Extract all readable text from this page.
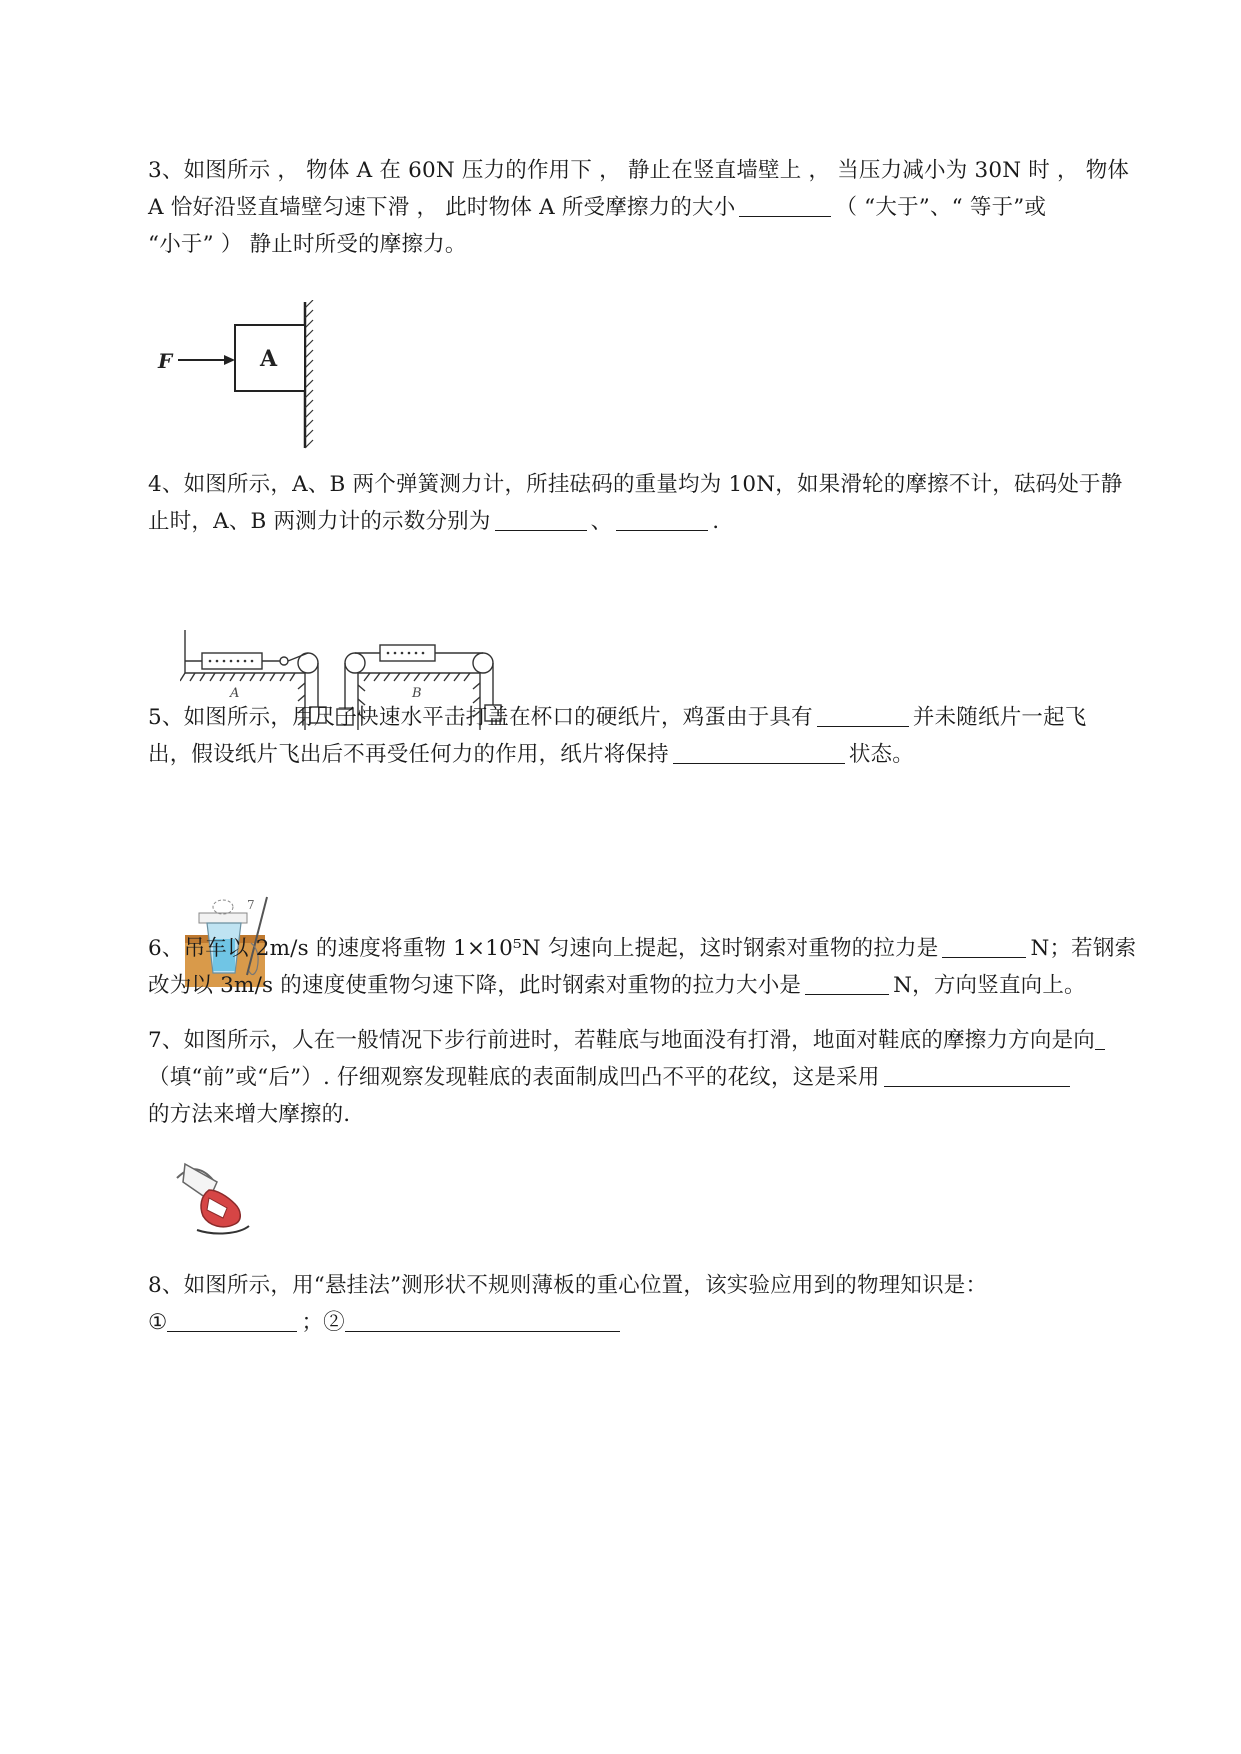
3、如图所示 ， 物体 A 在 60N 压力的作用下 ， 静止在竖直墙壁上 ， 当压力减小为 30N 时 ， 物体

A 恰好沿竖直墙壁匀速下滑 ， 此时物体 A 所受摩擦力的大小	（ “大于”、“ 等于”或

“小于” ） 静止时所受的摩擦力。

A
F

4、如图所示，A、B 两个弹簧测力计，所挂砝码的重量均为 10N，如果滑轮的摩擦不计，砝码处于静

止时，A、B 两测力计的示数分别为	、	.

A	B

5、如图所示，用尺子快速水平击打盖在杯口的硬纸片，鸡蛋由于具有	并未随纸片一起飞

出，假设纸片飞出后不再受任何力的作用，纸片将保持	状态。

7

6、吊车以 2m/s 的速度将重物 1×10⁵N 匀速向上提起，这时钢索对重物的拉力是	N；若钢索

改为以 3m/s 的速度使重物匀速下降，此时钢索对重物的拉力大小是	N，方向竖直向上。

7、如图所示，人在一般情况下步行前进时，若鞋底与地面没有打滑，地面对鞋底的摩擦力方向是向

（填“前”或“后”）. 仔细观察发现鞋底的表面制成凹凸不平的花纹，这是采用

的方法来增大摩擦的.

8、如图所示，用“悬挂法”测形状不规则薄板的重心位置，该实验应用到的物理知识是：

①	；②
